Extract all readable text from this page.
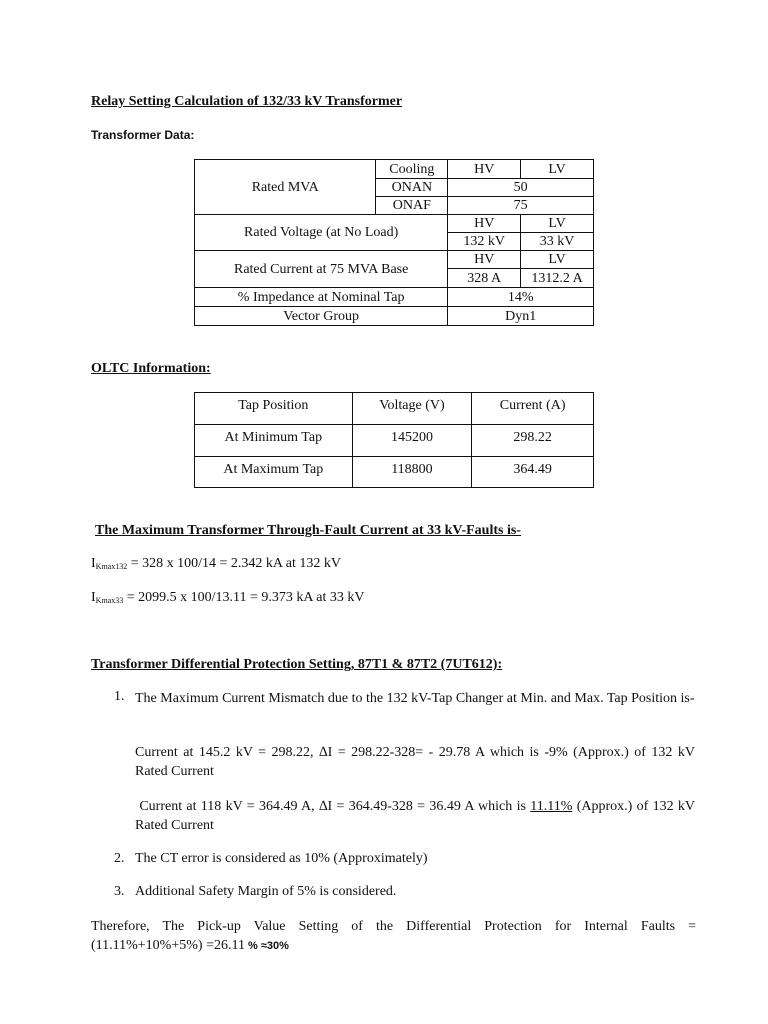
Relay Setting Calculation of 132/33 kV Transformer
Transformer Data:
Rated MVA	Cooling	HV	LV
	ONAN	50	
	ONAF	75	
Rated Voltage (at No Load)		HV	LV
		132 kV	33 kV
Rated Current at 75 MVA Base		HV	LV
		328 A	1312.2 A
% Impedance at Nominal Tap		14%	
Vector Group		Dyn1	
OLTC Information:
Tap Position	Voltage (V)	Current (A)
At Minimum Tap	145200	298.22
At Maximum Tap	118800	364.49
The Maximum Transformer Through-Fault Current at 33 kV-Faults is-
$I_{Kmax132} = 328$ x 100/14 = 2.342 kA at 132 kV
$I_{Kmax33} = 2099.5$ x 100/13.11 = 9.373 kA at 33 kV
Transformer Differential Protection Setting, 87T1 & 87T2 (7UT612):
1. The Maximum Current Mismatch due to the 132 kV-Tap Changer at Min. and Max. Tap Position is-
Current at 145.2 kV = 298.22, ∆I = 298.22-328= - 29.78 A which is -9% (Approx.) of 132 kV Rated Current
Current at 118 kV = 364.49 A, ∆I = 364.49-328 = 36.49 A which is 11.11% (Approx.) of 132 kV Rated Current
2. The CT error is considered as 10% (Approximately)
3. Additional Safety Margin of 5% is considered.
Therefore, The Pick-up Value Setting of the Differential Protection for Internal Faults = (11.11%+10%+5%) =26.11 % ≈30%
